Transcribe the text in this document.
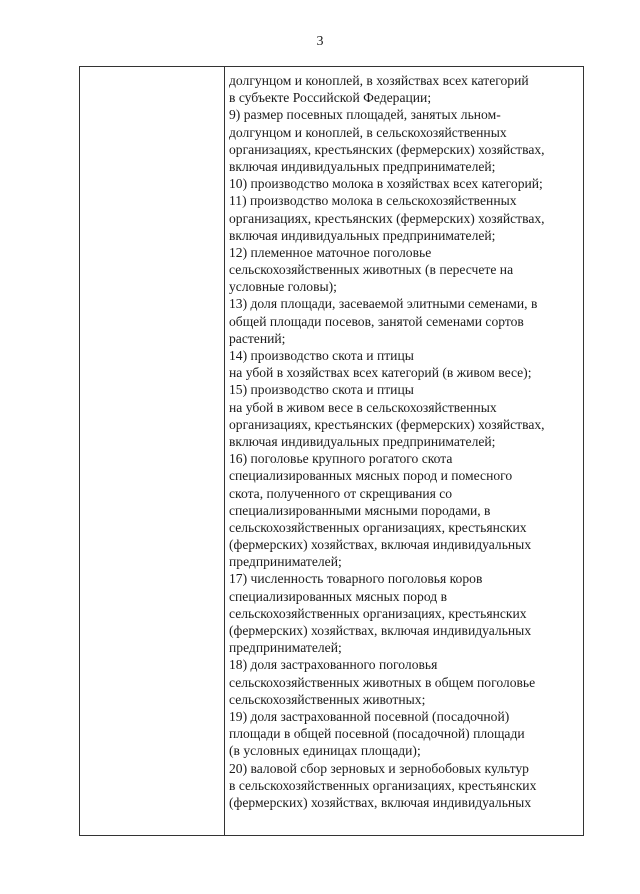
3
долгунцом и коноплей, в хозяйствах всех категорий
в субъекте Российской Федерации;
9) размер посевных площадей, занятых льном-
долгунцом и коноплей, в сельскохозяйственных
организациях, крестьянских (фермерских) хозяйствах,
включая индивидуальных предпринимателей;
10) производство молока в хозяйствах всех категорий;
11) производство молока в сельскохозяйственных
организациях, крестьянских (фермерских) хозяйствах,
включая индивидуальных предпринимателей;
12) племенное маточное поголовье
сельскохозяйственных животных (в пересчете на
условные головы);
13) доля площади, засеваемой элитными семенами, в
общей площади посевов, занятой семенами сортов
растений;
14) производство скота и птицы
на убой в хозяйствах всех категорий (в живом весе);
15) производство скота и птицы
на убой в живом весе в сельскохозяйственных
организациях, крестьянских (фермерских) хозяйствах,
включая индивидуальных предпринимателей;
16) поголовье крупного рогатого скота
специализированных мясных пород и помесного
скота, полученного от скрещивания со
специализированными мясными породами, в
сельскохозяйственных организациях, крестьянских
(фермерских) хозяйствах, включая индивидуальных
предпринимателей;
17) численность товарного поголовья коров
специализированных мясных пород в
сельскохозяйственных организациях, крестьянских
(фермерских) хозяйствах, включая индивидуальных
предпринимателей;
18) доля застрахованного поголовья
сельскохозяйственных животных в общем поголовье
сельскохозяйственных животных;
19) доля застрахованной посевной (посадочной)
площади в общей посевной (посадочной) площади
(в условных единицах площади);
20) валовой сбор зерновых и зернобобовых культур
в сельскохозяйственных организациях, крестьянских
(фермерских) хозяйствах, включая индивидуальных
